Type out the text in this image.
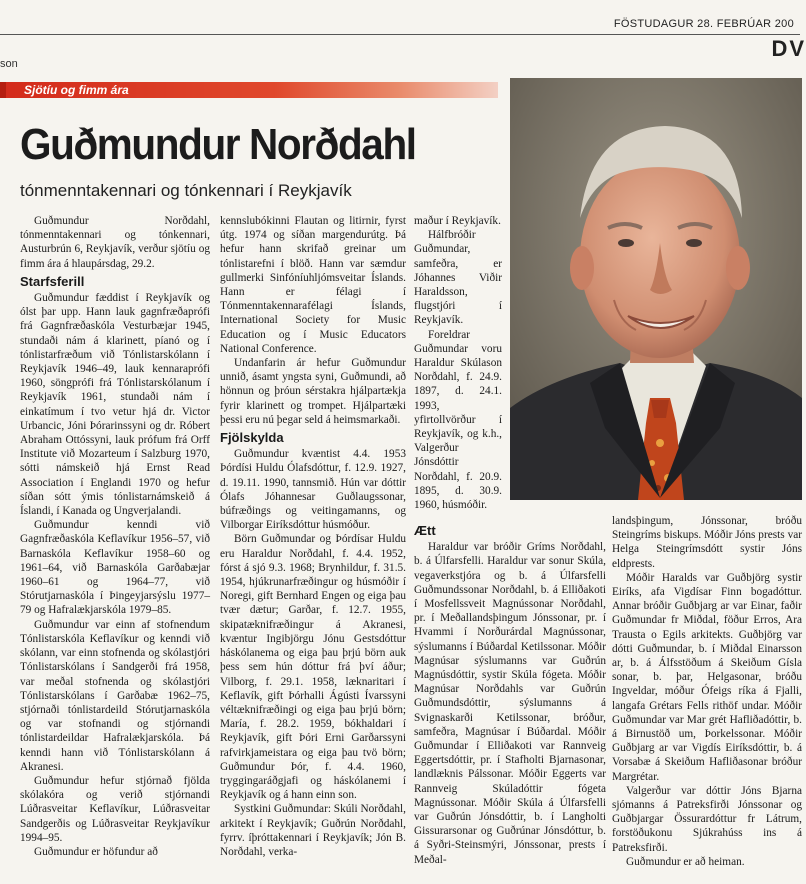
FÖSTUDAGUR 28. FEBRÚAR 200
DV
son
Sjötíu og fimm ára
Guðmundur Norðdahl
tónmenntakennari og tónkennari í Reykjavík

Guðmundur Norðdahl, tónmenntakennari og tónkennari, Austurbrún 6, Reykjavík, verður sjötíu og fimm ára á hlaupársdag, 29.2.

Starfsferill

Guðmundur fæddist í Reykjavík og ólst þar upp. Hann lauk gagnfræðaprófi frá Gagnfræðaskóla Vesturbæjar 1945, stundaði nám á klarinett, píanó og í tónlistarfræðum við Tónlistarskólann í Reykjavík 1946–49, lauk kennaraprófi 1960, söngprófi frá Tónlistarskólanum í Reykjavík 1961, stundaði nám í einkatímum í tvo vetur hjá dr. Victor Urbancic, Jóni Þórarinssyni og dr. Róbert Abraham Ottóssyni, lauk prófum frá Orff Institute við Mozarteum í Salzburg 1970, sótti námskeið hjá Ernst Read Association í Englandi 1970 og hefur síðan sótt ýmis tónlistarnámskeið á Íslandi, í Kanada og Ungverjalandi.

Guðmundur kenndi við Gagnfræðaskóla Keflavíkur 1956–57, við Barnaskóla Keflavíkur 1958–60 og 1961–64, við Barnaskóla Garðabæjar 1960–61 og 1964–77, við Stórutjarnaskóla í Þingeyjarsýslu 1977–79 og Hafralækjarskóla 1979–85.

Guðmundur var einn af stofnendum Tónlistarskóla Keflavíkur og kenndi við skólann, var einn stofnenda og skólastjóri Tónlistarskólans í Sandgerði frá 1958, var meðal stofnenda og skólastjóri Tónlistarskólans í Garðabæ 1962–75, stjórnaði tónlistardeild Stórutjarnaskóla og var stofnandi og stjórnandi tónlistardeildar Hafralækjarskóla. Þá kenndi hann við Tónlistarskólann á Akranesi.

Guðmundur hefur stjórnað fjölda skólakóra og verið stjórnandi Lúðrasveitar Keflavíkur, Lúðrasveitar Sandgerðis og Lúðrasveitar Reykjavíkur 1994–95.

Guðmundur er höfundur að

kennslubókinni Flautan og litirnir, fyrst útg. 1974 og síðan margendurútg. Þá hefur hann skrifað greinar um tónlistarefni í blöð. Hann var sæmdur gullmerki Sinfóníuhljómsveitar Íslands. Hann er félagi í Tónmenntakennarafélagi Íslands, International Society for Music Education og í Music Educators National Conference.

Undanfarin ár hefur Guðmundur unnið, ásamt yngsta syni, Guðmundi, að hönnun og þróun sérstakra hjálpartækja fyrir klarinett og trompet. Hjálpartæki þessi eru nú þegar seld á heimsmarkaði.

Fjölskylda

Guðmundur kvæntist 4.4. 1953 Þórdísi Huldu Ólafsdóttur, f. 12.9. 1927, d. 19.11. 1990, tannsmið. Hún var dóttir Ólafs Jóhannesar Guðlaugssonar, búfræðings og veitingamanns, og Vilborgar Eiríksdóttur húsmóður.

Börn Guðmundar og Þórdísar Huldu eru Haraldur Norðdahl, f. 4.4. 1952, fórst á sjó 9.3. 1968; Brynhildur, f. 31.5. 1954, hjúkrunarfræðingur og húsmóðir í Noregi, gift Bernhard Engen og eiga þau tvær dætur; Garðar, f. 12.7. 1955, skipatæknifræðingur á Akranesi, kvæntur Ingibjörgu Jónu Gestsdóttur háskólanema og eiga þau þrjú börn auk þess sem hún dóttur frá því áður; Vilborg, f. 29.1. 1958, læknaritari í Keflavík, gift Þórhalli Ágústi Ívarssyni véltæknifræðingi og eiga þau þrjú börn; María, f. 28.2. 1959, bókhaldari í Reykjavík, gift Þóri Erni Garðarssyni rafvirkjameistara og eiga þau tvö börn; Guðmundur Þór, f. 4.4. 1960, tryggingaráðgjafi og háskólanemi í Reykjavík og á hann einn son.

Systkini Guðmundar: Skúli Norðdahl, arkitekt í Reykjavík; Guðrún Norðdahl, fyrrv. íþróttakennari í Reykjavík; Jón B. Norðdahl, verka-

maður í Reykjavík.

Hálfbróðir Guðmundar, samfeðra, er Jóhannes Viðir Haraldsson, flugstjóri í Reykjavík.

Foreldrar Guðmundar voru Haraldur Skúlason Norðdahl, f. 24.9. 1897, d. 24.1. 1993, yfirtollvörður í Reykjavík, og k.h., Valgerður Jónsdóttir Norðdahl, f. 20.9. 1895, d. 30.9. 1960, húsmóðir.

Ætt

Haraldur var bróðir Gríms Norðdahl, b. á Úlfarsfelli. Haraldur var sonur Skúla, vegaverkstjóra og b. á Úlfarsfelli Guðmundssonar Norðdahl, b. á Elliðakoti í Mosfellssveit Magnússonar Norðdahl, pr. í Meðallandsþingum Jónssonar, pr. í Hvammi í Norðurárdal Magnússonar, sýslumanns í Búðardal Ketilssonar. Móðir Magnúsar sýslumanns var Guðrún Magnúsdóttir, systir Skúla fógeta. Móðir Magnúsar Norðdahls var Guðrún Guðmundsdóttir, sýslumanns á Svignaskarði Ketilssonar, bróður, samfeðra, Magnúsar í Búðardal. Móðir Guðmundar í Elliðakoti var Rannveig Eggertsdóttir, pr. í Stafholti Bjarnasonar, landlæknis Pálssonar. Móðir Eggerts var Rannveig Skúladóttir fógeta Magnússonar. Móðir Skúla á Úlfarsfelli var Guðrún Jónsdóttir, b. í Langholti Gissurarsonar og Guðrúnar Jónsdóttur, b. á Syðri-Steinsmýri, Jónssonar, prests í Meðal-

landsþingum, Jónssonar, bróðu Steingríms biskups. Móðir Jóns prests var Helga Steingrímsdótt systir Jóns eldprests.

Móðir Haralds var Guðbjörg systir Eiríks, afa Vigdísar Finn bogadóttur. Annar bróðir Guðbjarg ar var Einar, faðir Guðmundar fr Miðdal, föður Erros, Ara Trausta o Egils arkitekts. Guðbjörg var dótti Guðmundar, b. í Miðdal Einarsson ar, b. á Álfsstöðum á Skeiðum Gísla sonar, b. þar, Helgasonar, bróðu Ingveldar, móður Ófeigs ríka á Fjalli, langafa Grétars Fells rithöf undar. Móðir Guðmundar var Mar grét Hafliðadóttir, b. á Birnustöð um, Þorkelssonar. Móðir Guðbjarg ar var Vigdís Eiríksdóttir, b. á Vorsabæ á Skeiðum Hafliðasonar bróður Margrétar.

Valgerður var dóttir Jóns Bjarna sjómanns á Patreksfirði Jónssonar og Guðbjargar Össurardóttur fr Látrum, forstöðukonu Sjúkrahúss ins á Patreksfirði.

Guðmundur er að heiman.
